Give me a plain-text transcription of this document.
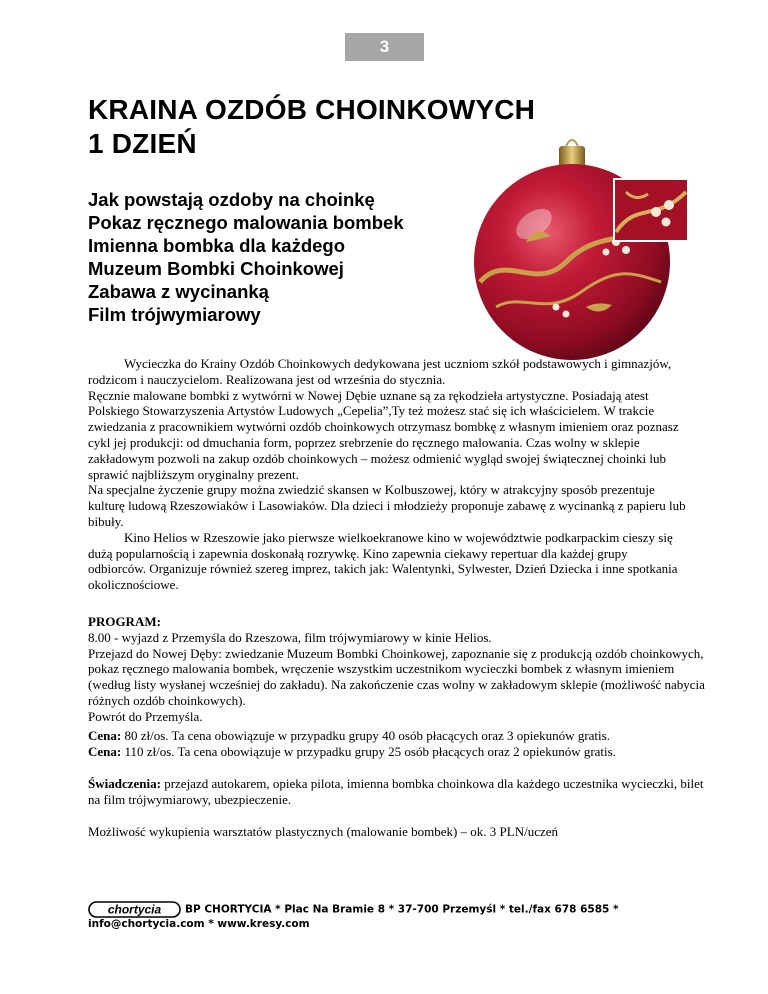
3
KRAINA OZDÓB CHOINKOWYCH
1 DZIEŃ
Jak powstają ozdoby na choinkę
Pokaz ręcznego malowania bombek
Imienna bombka dla każdego
Muzeum Bombki Choinkowej
Zabawa z wycinanką
Film trójwymiarowy

Wycieczka do Krainy Ozdób Choinkowych dedykowana jest uczniom szkół podstawowych i gimnazjów, rodzicom i nauczycielom. Realizowana jest od września do stycznia.

Ręcznie malowane bombki z wytwórni w Nowej Dębie uznane są za rękodzieła artystyczne. Posiadają atest Polskiego Stowarzyszenia Artystów Ludowych „Cepelia”,Ty też możesz stać się ich właścicielem. W trakcie zwiedzania z pracownikiem wytwórni ozdób choinkowych otrzymasz bombkę z własnym imieniem oraz poznasz cykl jej produkcji: od dmuchania form, poprzez srebrzenie do ręcznego malowania. Czas wolny w sklepie zakładowym pozwoli na zakup ozdób choinkowych – możesz odmienić wygląd swojej świątecznej choinki lub sprawić najbliższym oryginalny prezent.

Na specjalne życzenie grupy można zwiedzić skansen w Kolbuszowej, który w atrakcyjny sposób prezentuje kulturę ludową Rzeszowiaków i Lasowiaków. Dla dzieci i młodzieży proponuje zabawę z wycinanką z papieru lub bibuły.

Kino Helios w Rzeszowie jako pierwsze wielkoekranowe kino w województwie podkarpackim cieszy się dużą popularnością i zapewnia doskonałą rozrywkę. Kino zapewnia ciekawy repertuar dla każdej grupy odbiorców. Organizuje również szereg imprez, takich jak: Walentynki, Sylwester, Dzień Dziecka i inne spotkania okolicznościowe.

PROGRAM:

8.00 - wyjazd z Przemyśla do Rzeszowa, film trójwymiarowy w kinie Helios.

Przejazd do Nowej Dęby: zwiedzanie Muzeum Bombki Choinkowej, zapoznanie się z produkcją ozdób choinkowych, pokaz ręcznego malowania bombek, wręczenie wszystkim uczestnikom wycieczki bombek z własnym imieniem (według listy wysłanej wcześniej do zakładu). Na zakończenie czas wolny w zakładowym sklepie (możliwość nabycia różnych ozdób choinkowych).

Powrót do Przemyśla.

Cena: 80 zł/os. Ta cena obowiązuje w przypadku grupy 40 osób płacących oraz 3 opiekunów gratis.

Cena: 110 zł/os. Ta cena obowiązuje w przypadku grupy 25 osób płacących oraz 2 opiekunów gratis.

Świadczenia: przejazd autokarem, opieka pilota, imienna bombka choinkowa dla każdego uczestnika wycieczki, bilet na film trójwymiarowy, ubezpieczenie.

Możliwość wykupienia warsztatów plastycznych (malowanie bombek) – ok. 3 PLN/uczeń

chortycia BP CHORTYCIA * Plac Na Bramie 8 * 37-700 Przemyśl * tel./fax 678 6585 * info@chortycia.com * www.kresy.com
